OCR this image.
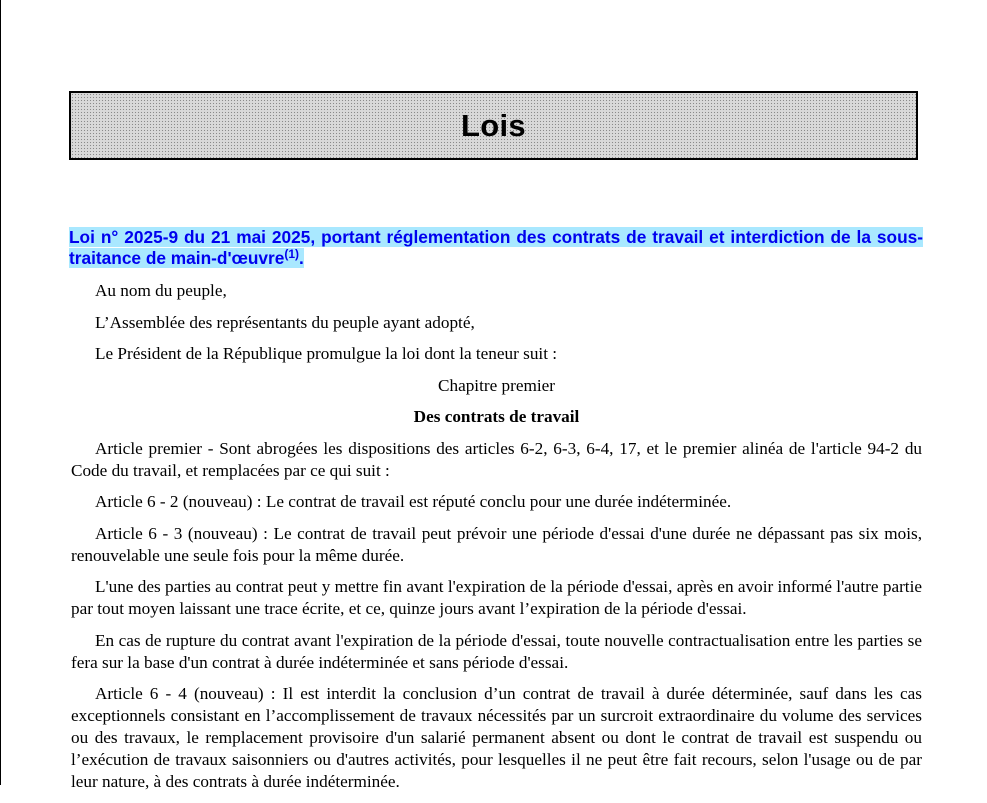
Lois
Loi n° 2025-9 du 21 mai 2025, portant réglementation des contrats de travail et interdiction de la sous-traitance de main-d'œuvre$^{(1)}$.

Au nom du peuple,

L’Assemblée des représentants du peuple ayant adopté,

Le Président de la République promulgue la loi dont la teneur suit :

Chapitre premier

Des contrats de travail

Article premier - Sont abrogées les dispositions des articles 6-2, 6-3, 6-4, 17, et le premier alinéa de l'article 94-2 du Code du travail, et remplacées par ce qui suit :

Article 6 - 2 (nouveau) : Le contrat de travail est réputé conclu pour une durée indéterminée.

Article 6 - 3 (nouveau) : Le contrat de travail peut prévoir une période d'essai d'une durée ne dépassant pas six mois, renouvelable une seule fois pour la même durée.

L'une des parties au contrat peut y mettre fin avant l'expiration de la période d'essai, après en avoir informé l'autre partie par tout moyen laissant une trace écrite, et ce, quinze jours avant l’expiration de la période d'essai.

En cas de rupture du contrat avant l'expiration de la période d'essai, toute nouvelle contractualisation entre les parties se fera sur la base d'un contrat à durée indéterminée et sans période d'essai.

Article 6 - 4 (nouveau) : Il est interdit la conclusion d’un contrat de travail à durée déterminée, sauf dans les cas exceptionnels consistant en l’accomplissement de travaux nécessités par un surcroit extraordinaire du volume des services ou des travaux, le remplacement provisoire d'un salarié permanent absent ou dont le contrat de travail est suspendu ou l’exécution de travaux saisonniers ou d'autres activités, pour lesquelles il ne peut être fait recours, selon l'usage ou de par leur nature, à des contrats à durée indéterminée.
